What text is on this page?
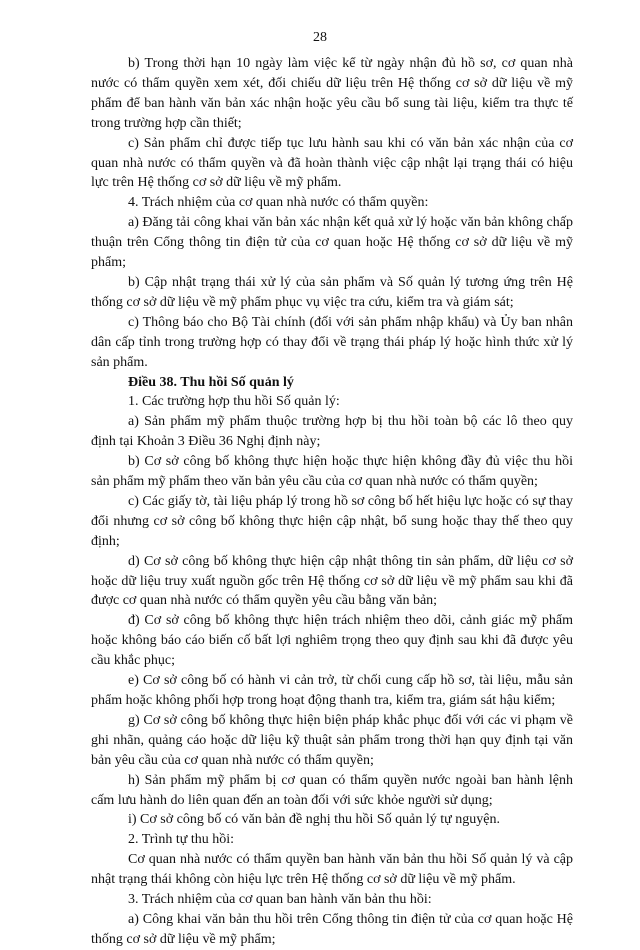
28

b) Trong thời hạn 10 ngày làm việc kể từ ngày nhận đủ hồ sơ, cơ quan nhà nước có thẩm quyền xem xét, đối chiếu dữ liệu trên Hệ thống cơ sở dữ liệu về mỹ phẩm để ban hành văn bản xác nhận hoặc yêu cầu bổ sung tài liệu, kiểm tra thực tế trong trường hợp cần thiết;

c) Sản phẩm chỉ được tiếp tục lưu hành sau khi có văn bản xác nhận của cơ quan nhà nước có thẩm quyền và đã hoàn thành việc cập nhật lại trạng thái có hiệu lực trên Hệ thống cơ sở dữ liệu về mỹ phẩm.

4. Trách nhiệm của cơ quan nhà nước có thẩm quyền:

a) Đăng tải công khai văn bản xác nhận kết quả xử lý hoặc văn bản không chấp thuận trên Cổng thông tin điện tử của cơ quan hoặc Hệ thống cơ sở dữ liệu về mỹ phẩm;

b) Cập nhật trạng thái xử lý của sản phẩm và Số quản lý tương ứng trên Hệ thống cơ sở dữ liệu về mỹ phẩm phục vụ việc tra cứu, kiểm tra và giám sát;

c) Thông báo cho Bộ Tài chính (đối với sản phẩm nhập khẩu) và Ủy ban nhân dân cấp tỉnh trong trường hợp có thay đổi về trạng thái pháp lý hoặc hình thức xử lý sản phẩm.

Điều 38. Thu hồi Số quản lý

1. Các trường hợp thu hồi Số quản lý:

a) Sản phẩm mỹ phẩm thuộc trường hợp bị thu hồi toàn bộ các lô theo quy định tại Khoản 3 Điều 36 Nghị định này;

b) Cơ sở công bố không thực hiện hoặc thực hiện không đầy đủ việc thu hồi sản phẩm mỹ phẩm theo văn bản yêu cầu của cơ quan nhà nước có thẩm quyền;

c) Các giấy tờ, tài liệu pháp lý trong hồ sơ công bố hết hiệu lực hoặc có sự thay đổi nhưng cơ sở công bố không thực hiện cập nhật, bổ sung hoặc thay thế theo quy định;

d) Cơ sở công bố không thực hiện cập nhật thông tin sản phẩm, dữ liệu cơ sở hoặc dữ liệu truy xuất nguồn gốc trên Hệ thống cơ sở dữ liệu về mỹ phẩm sau khi đã được cơ quan nhà nước có thẩm quyền yêu cầu bằng văn bản;

đ) Cơ sở công bố không thực hiện trách nhiệm theo dõi, cảnh giác mỹ phẩm hoặc không báo cáo biến cố bất lợi nghiêm trọng theo quy định sau khi đã được yêu cầu khắc phục;

e) Cơ sở công bố có hành vi cản trở, từ chối cung cấp hồ sơ, tài liệu, mẫu sản phẩm hoặc không phối hợp trong hoạt động thanh tra, kiểm tra, giám sát hậu kiểm;

g) Cơ sở công bố không thực hiện biện pháp khắc phục đối với các vi phạm về ghi nhãn, quảng cáo hoặc dữ liệu kỹ thuật sản phẩm trong thời hạn quy định tại văn bản yêu cầu của cơ quan nhà nước có thẩm quyền;

h) Sản phẩm mỹ phẩm bị cơ quan có thẩm quyền nước ngoài ban hành lệnh cấm lưu hành do liên quan đến an toàn đối với sức khỏe người sử dụng;

i) Cơ sở công bố có văn bản đề nghị thu hồi Số quản lý tự nguyện.

2. Trình tự thu hồi:

Cơ quan nhà nước có thẩm quyền ban hành văn bản thu hồi Số quản lý và cập nhật trạng thái không còn hiệu lực trên Hệ thống cơ sở dữ liệu về mỹ phẩm.

3. Trách nhiệm của cơ quan ban hành văn bản thu hồi:

a) Công khai văn bản thu hồi trên Cổng thông tin điện tử của cơ quan hoặc Hệ thống cơ sở dữ liệu về mỹ phẩm;
